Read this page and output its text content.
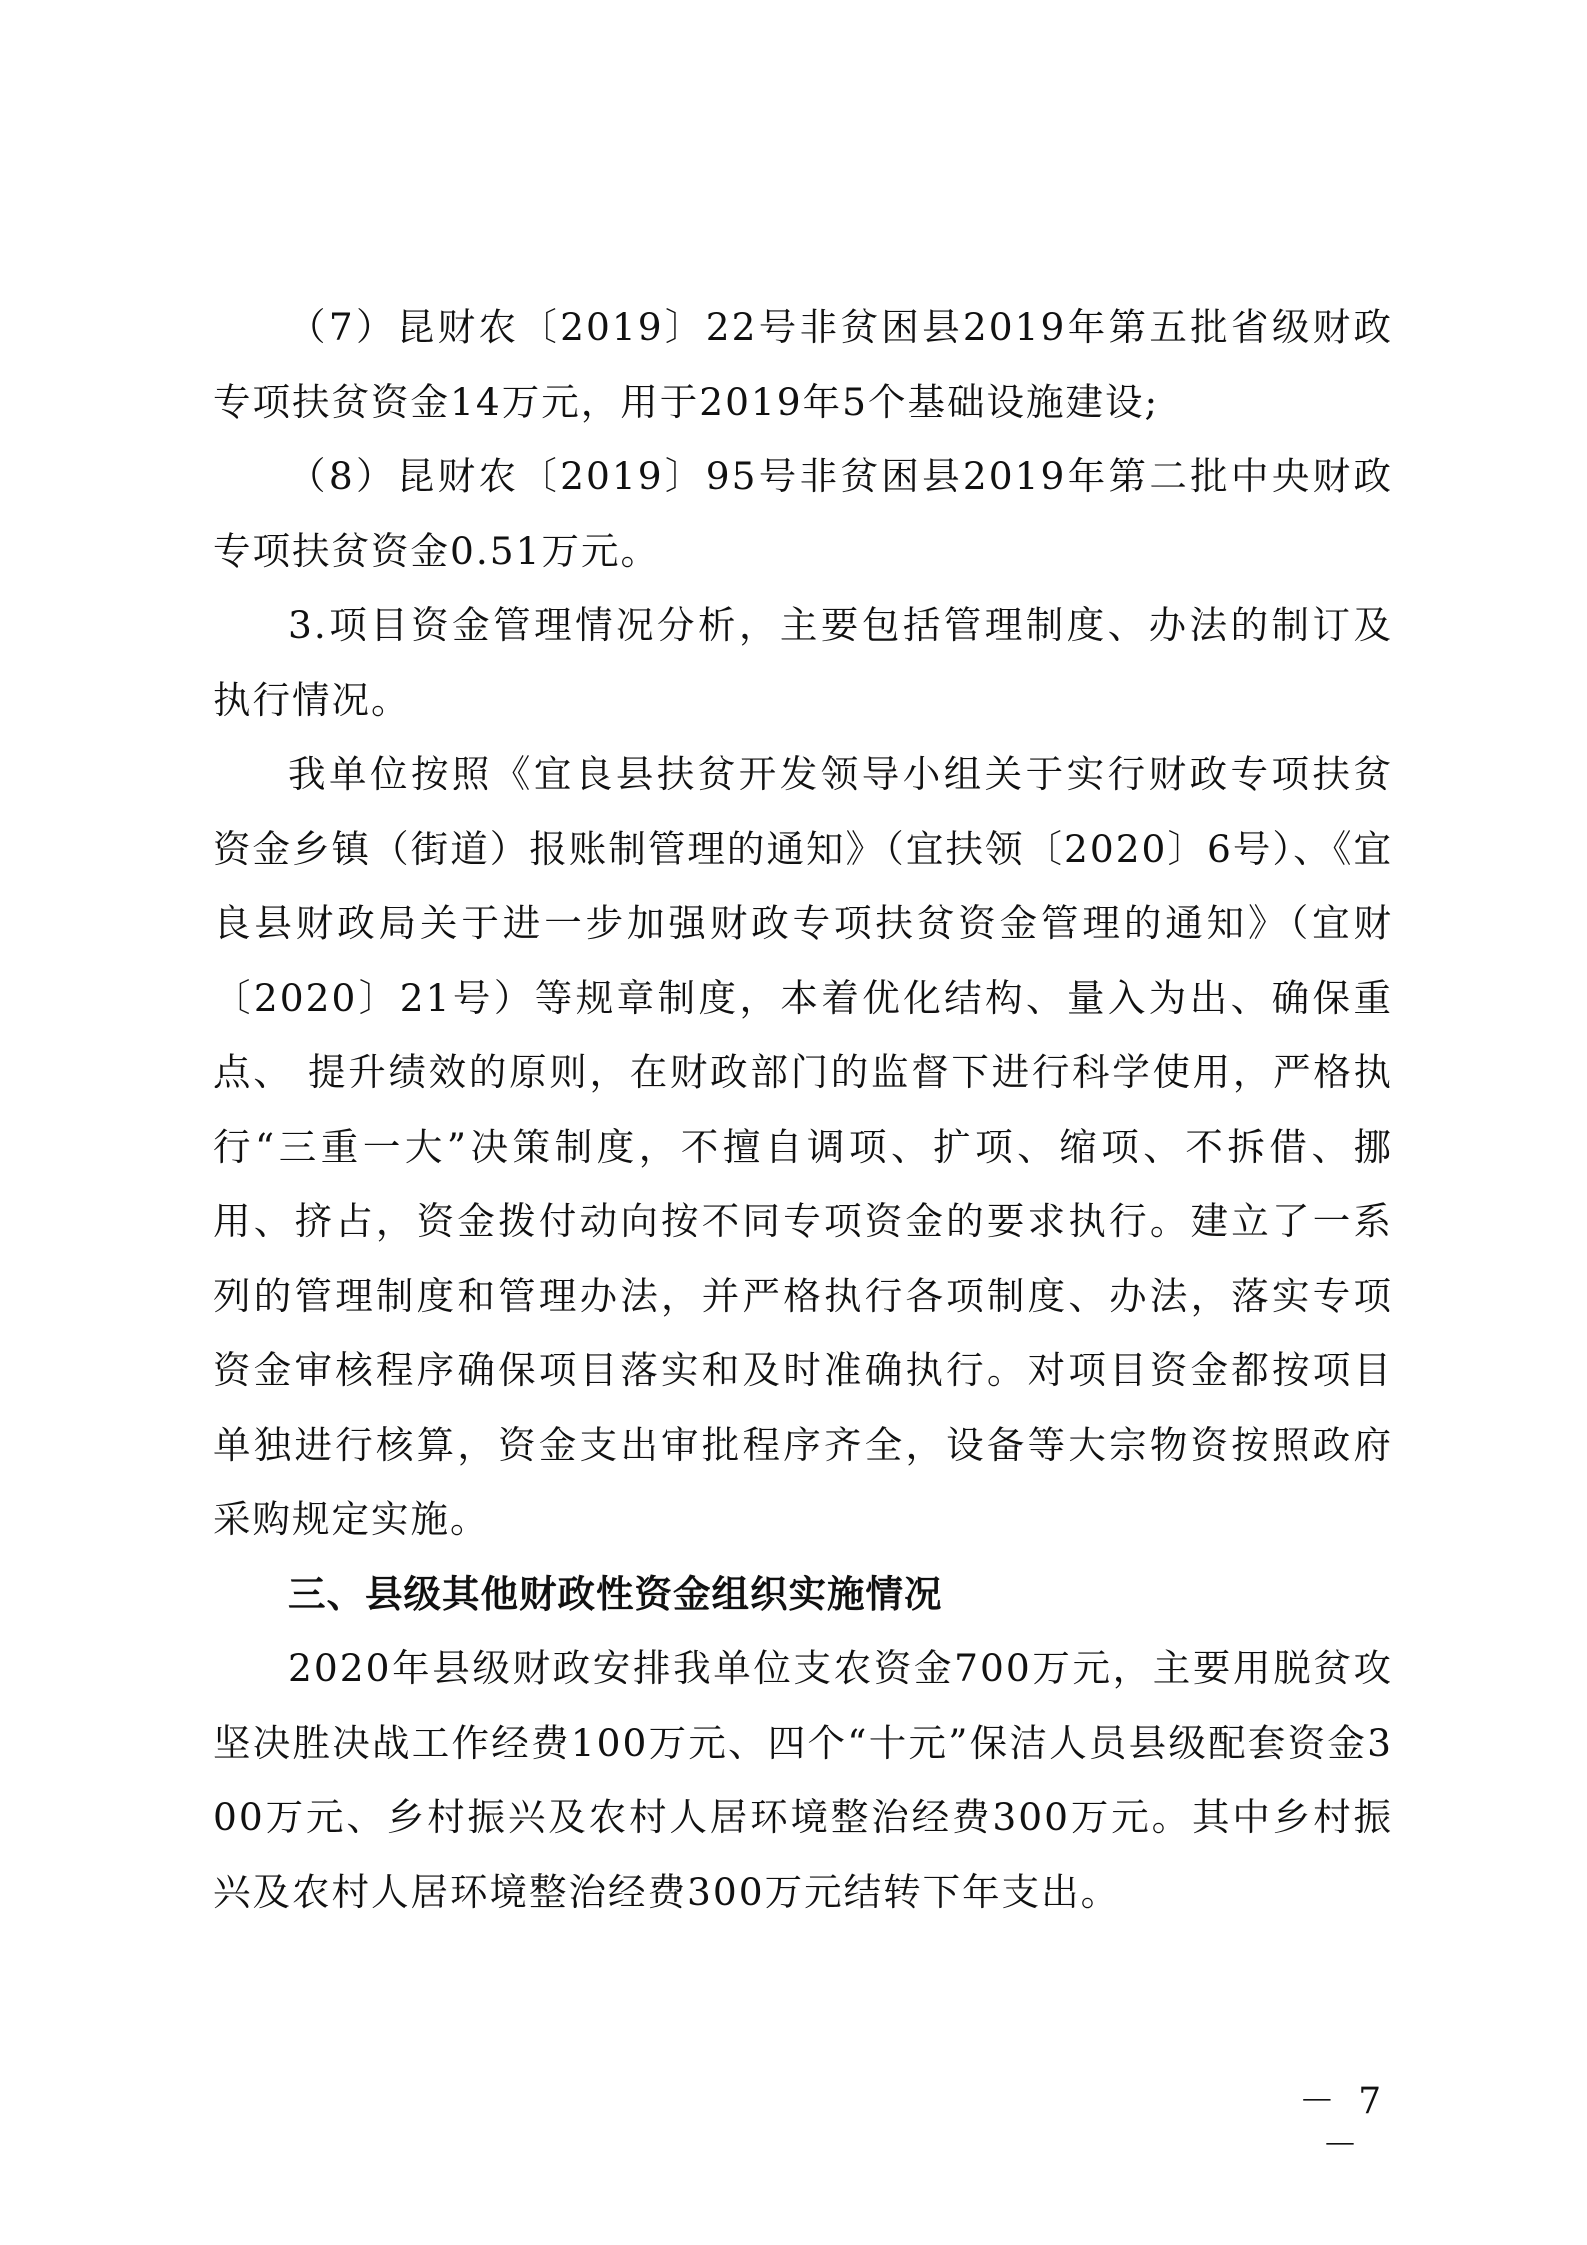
（7）昆财农〔2019〕22号非贫困县2019年第五批省级财政专项扶贫资金14万元，用于2019年5个基础设施建设;

（8）昆财农〔2019〕95号非贫困县2019年第二批中央财政专项扶贫资金0.51万元。

3.项目资金管理情况分析，主要包括管理制度、办法的制订及执行情况。

我单位按照《宜良县扶贫开发领导小组关于实行财政专项扶贫资金乡镇（街道）报账制管理的通知》（宜扶领〔2020〕6号）、《宜良县财政局关于进一步加强财政专项扶贫资金管理的通知》（宜财〔2020〕21号）等规章制度，本着优化结构、量入为出、确保重点、 提升绩效的原则，在财政部门的监督下进行科学使用，严格执行“三重一大”决策制度，不擅自调项、扩项、缩项、不拆借、挪用、挤占，资金拨付动向按不同专项资金的要求执行。建立了一系列的管理制度和管理办法，并严格执行各项制度、办法，落实专项资金审核程序确保项目落实和及时准确执行。对项目资金都按项目单独进行核算，资金支出审批程序齐全，设备等大宗物资按照政府采购规定实施。

三、县级其他财政性资金组织实施情况

2020年县级财政安排我单位支农资金700万元，主要用脱贫攻坚决胜决战工作经费100万元、四个“十元”保洁人员县级配套资金300万元、乡村振兴及农村人居环境整治经费300万元。其中乡村振兴及农村人居环境整治经费300万元结转下年支出。

－ 7 －
